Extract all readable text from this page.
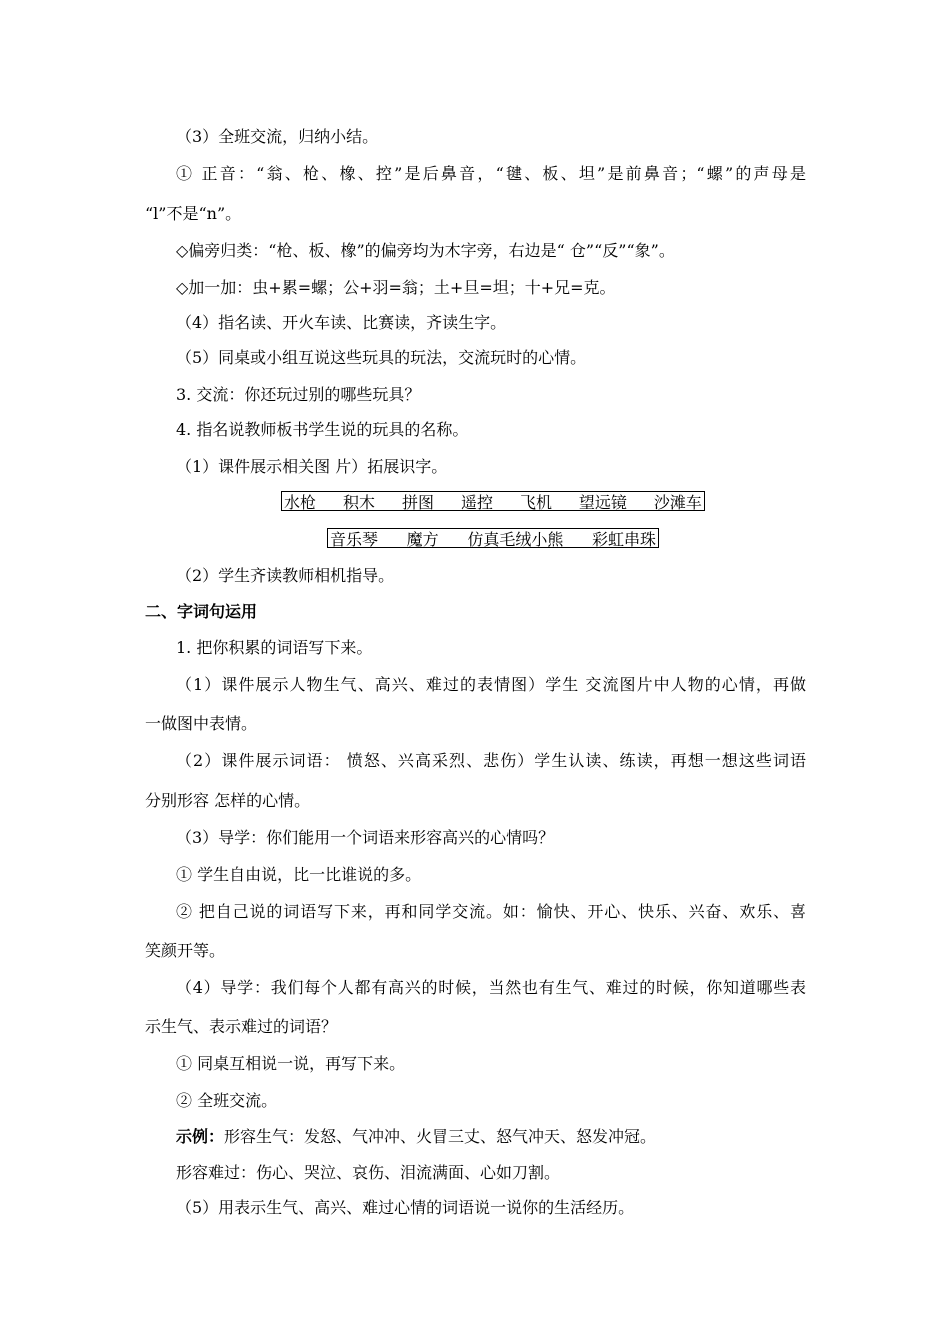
（3）全班交流，归纳小结。
① 正音：“翁、枪、橡、控”是后鼻音，“毽、板、坦”是前鼻音；“螺”的声母是
“l”不是“n”。
◇偏旁归类：“枪、板、橡”的偏旁均为木字旁，右边是“ 仓”“反”“象”。
◇加一加：虫+累=螺；公+羽=翁；土+旦=坦；十+兄=克。
（4）指名读、开火车读、比赛读，齐读生字。
（5）同桌或小组互说这些玩具的玩法，交流玩时的心情。
3. 交流：你还玩过别的哪些玩具？
4. 指名说教师板书学生说的玩具的名称。
（1）课件展示相关图 片）拓展识字。
水枪 积木 拼图 遥控 飞机 望远镜 沙滩车
音乐琴 魔方 仿真毛绒小熊 彩虹串珠
（2）学生齐读教师相机指导。
二、字词句运用
1. 把你积累的词语写下来。
（1）课件展示人物生气、高兴、难过的表情图）学生 交流图片中人物的心情，再做
一做图中表情。
（2）课件展示词语： 愤怒、兴高采烈、悲伤）学生认读、练读，再想一想这些词语
分别形容 怎样的心情。
（3）导学：你们能用一个词语来形容高兴的心情吗？
① 学生自由说，比一比谁说的多。
② 把自己说的词语写下来，再和同学交流。如：愉快、开心、快乐、兴奋、欢乐、喜
笑颜开等。
（4）导学：我们每个人都有高兴的时候，当然也有生气、难过的时候，你知道哪些表
示生气、表示难过的词语？
① 同桌互相说一说，再写下来。
② 全班交流。
示例：形容生气：发怒、气冲冲、火冒三丈、怒气冲天、怒发冲冠。
形容难过：伤心、哭泣、哀伤、泪流满面、心如刀割。
（5）用表示生气、高兴、难过心情的词语说一说你的生活经历。
